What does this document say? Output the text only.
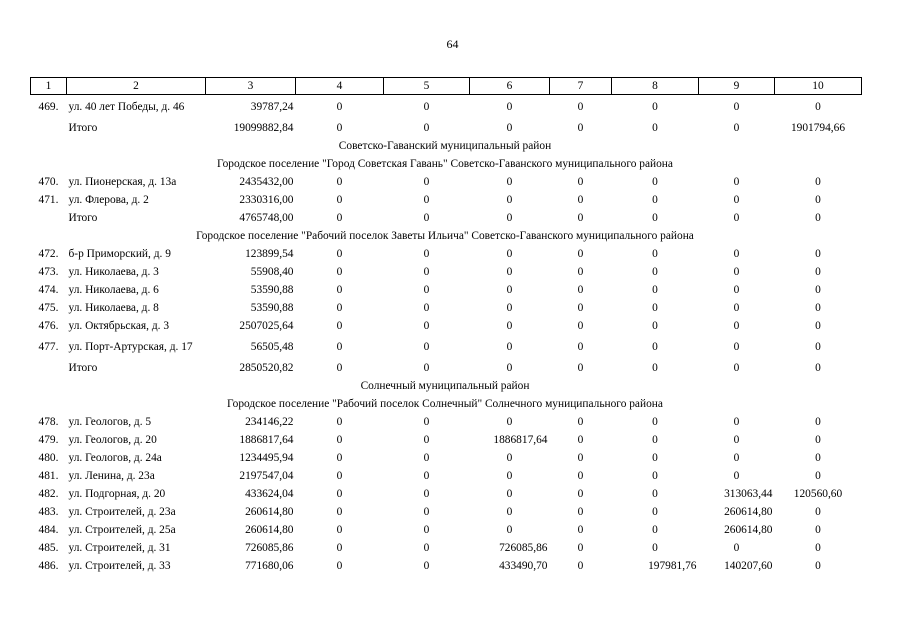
64
1	2	3	4	5	6	7	8	9	10
469.	ул. 40 лет Победы, д. 46	39787,24	0	0	0	0	0	0	0
	Итого	19099882,84	0	0	0	0	0	0	1901794,66
Советско-Гаванский муниципальный район									
Городское поселение "Город Советская Гавань" Советско-Гаванского муниципального района									
470.	ул. Пионерская, д. 13а	2435432,00	0	0	0	0	0	0	0
471.	ул. Флерова, д. 2	2330316,00	0	0	0	0	0	0	0
	Итого	4765748,00	0	0	0	0	0	0	0
Городское поселение "Рабочий поселок Заветы Ильича" Советско-Гаванского муниципального района									
472.	б-р Приморский, д. 9	123899,54	0	0	0	0	0	0	0
473.	ул. Николаева, д. 3	55908,40	0	0	0	0	0	0	0
474.	ул. Николаева, д. 6	53590,88	0	0	0	0	0	0	0
475.	ул. Николаева, д. 8	53590,88	0	0	0	0	0	0	0
476.	ул. Октябрьская, д. 3	2507025,64	0	0	0	0	0	0	0
477.	ул. Порт-Артурская, д. 17	56505,48	0	0	0	0	0	0	0
	Итого	2850520,82	0	0	0	0	0	0	0
Солнечный муниципальный район									
Городское поселение "Рабочий поселок Солнечный" Солнечного муниципального района									
478.	ул. Геологов, д. 5	234146,22	0	0	0	0	0	0	0
479.	ул. Геологов, д. 20	1886817,64	0	0	1886817,64	0	0	0	0
480.	ул. Геологов, д. 24а	1234495,94	0	0	0	0	0	0	0
481.	ул. Ленина, д. 23а	2197547,04	0	0	0	0	0	0	0
482.	ул. Подгорная, д. 20	433624,04	0	0	0	0	0	313063,44	120560,60
483.	ул. Строителей, д. 23а	260614,80	0	0	0	0	0	260614,80	0
484.	ул. Строителей, д. 25а	260614,80	0	0	0	0	0	260614,80	0
485.	ул. Строителей, д. 31	726085,86	0	0	726085,86	0	0	0	0
486.	ул. Строителей, д. 33	771680,06	0	0	433490,70	0	197981,76	140207,60	0
